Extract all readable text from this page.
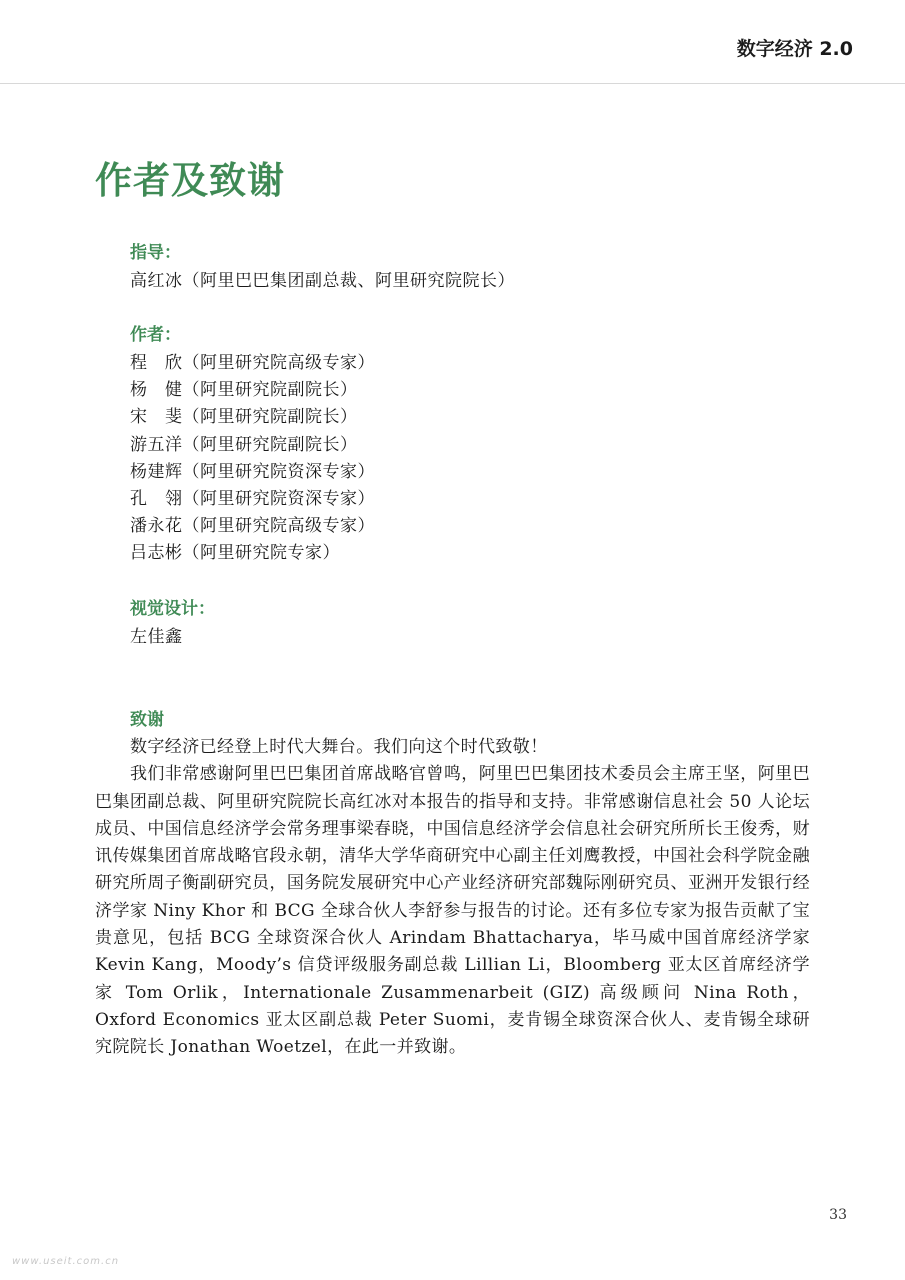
数字经济 2.0
作者及致谢
指导：
高红冰（阿里巴巴集团副总裁、阿里研究院院长）
作者：
程　欣（阿里研究院高级专家）
杨　健（阿里研究院副院长）
宋　斐（阿里研究院副院长）
游五洋（阿里研究院副院长）
杨建辉（阿里研究院资深专家）
孔　翎（阿里研究院资深专家）
潘永花（阿里研究院高级专家）
吕志彬（阿里研究院专家）
视觉设计：
左佳鑫
致谢

数字经济已经登上时代大舞台。我们向这个时代致敬！

我们非常感谢阿里巴巴集团首席战略官曾鸣，阿里巴巴集团技术委员会主席王坚，阿里巴巴集团副总裁、阿里研究院院长高红冰对本报告的指导和支持。非常感谢信息社会 50 人论坛成员、中国信息经济学会常务理事梁春晓，中国信息经济学会信息社会研究所所长王俊秀，财讯传媒集团首席战略官段永朝，清华大学华商研究中心副主任刘鹰教授，中国社会科学院金融研究所周子衡副研究员，国务院发展研究中心产业经济研究部魏际刚研究员、亚洲开发银行经济学家 Niny Khor 和 BCG 全球合伙人李舒参与报告的讨论。还有多位专家为报告贡献了宝贵意见，包括 BCG 全球资深合伙人 Arindam Bhattacharya，毕马威中国首席经济学家 Kevin Kang，Moody’s 信贷评级服务副总裁 Lillian Li，Bloomberg 亚太区首席经济学家 Tom Orlik，Internationale Zusammenarbeit (GIZ) 高级顾问 Nina Roth，Oxford Economics 亚太区副总裁 Peter Suomi，麦肯锡全球资深合伙人、麦肯锡全球研究院院长 Jonathan Woetzel，在此一并致谢。

33
www.useit.com.cn
